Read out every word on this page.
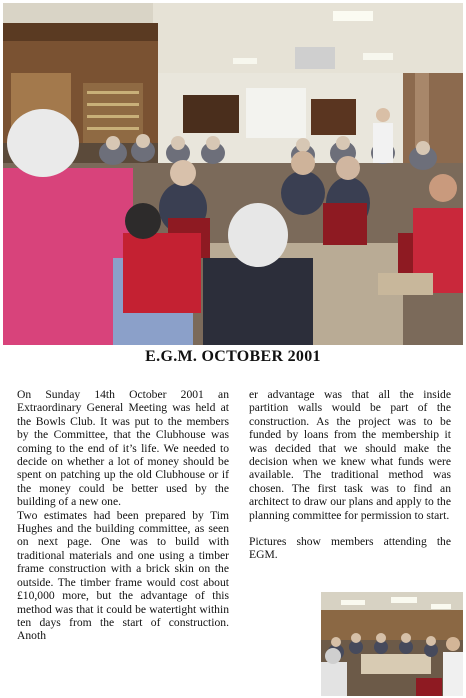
E.G.M. OCTOBER 2001

On Sunday 14th October 2001 an Extraordinary General Meeting was held at the Bowls Club. It was put to the members by the Committee, that the Clubhouse was coming to the end of it’s life. We needed to decide on whether a lot of money should be spent on patching up the old Clubhouse or if the money could be better used by the building of a new one.

Two estimates had been prepared by Tim Hughes and the building committee, as seen on next page. One was to build with traditional materials and one using a timber frame construction with a brick skin on the outside. The timber frame would cost about £10,000 more, but the advantage of this method was that it could be watertight within ten days from the start of construction. Anoth

er advantage was that all the inside partition walls would be part of the construction. As the project was to be funded by loans from the membership it was decided that we should make the decision when we knew what funds were available. The traditional method was chosen. The first task was to find an architect to draw our plans and apply to the planning committee for permission to start.

Pictures show members attending the EGM.
